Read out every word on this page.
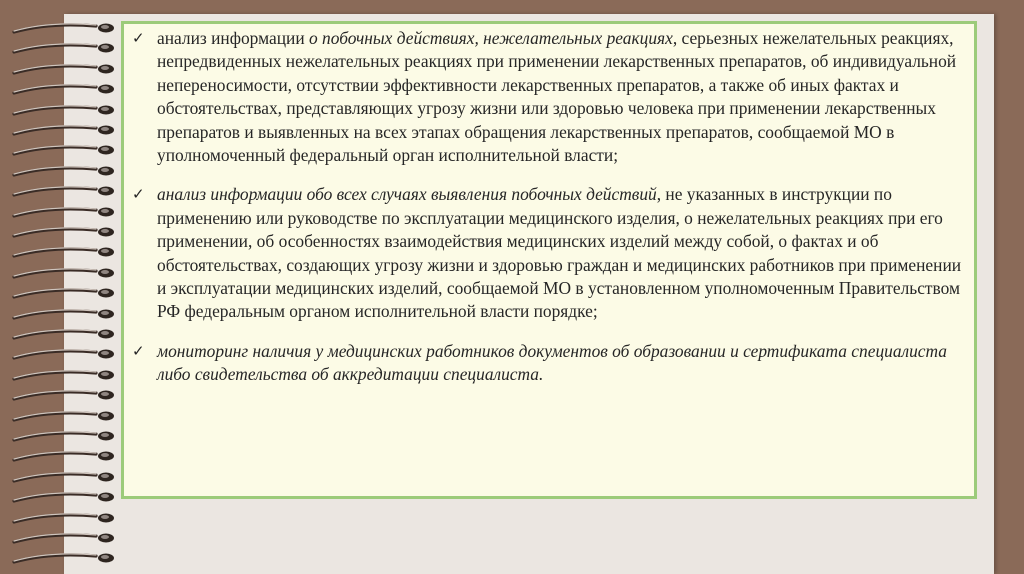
✓ анализ информации о побочных действиях, нежелательных реакциях, серьезных нежелательных реакциях, непредвиденных нежелательных реакциях при применении лекарственных препаратов, об индивидуальной непереносимости, отсутствии эффективности лекарственных препаратов, а также об иных фактах и обстоятельствах, представляющих угрозу жизни или здоровью человека при применении лекарственных препаратов и выявленных на всех этапах обращения лекарственных препаратов, сообщаемой МО в уполномоченный федеральный орган исполнительной власти;
✓ анализ информации обо всех случаях выявления побочных действий, не указанных в инструкции по применению или руководстве по эксплуатации медицинского изделия, о нежелательных реакциях при его применении, об особенностях взаимодействия медицинских изделий между собой, о фактах и об обстоятельствах, создающих угрозу жизни и здоровью граждан и медицинских работников при применении и эксплуатации медицинских изделий, сообщаемой МО в установленном уполномоченным Правительством РФ федеральным органом исполнительной власти порядке;
✓ мониторинг наличия у медицинских работников документов об образовании и сертификата специалиста либо свидетельства об аккредитации специалиста.
